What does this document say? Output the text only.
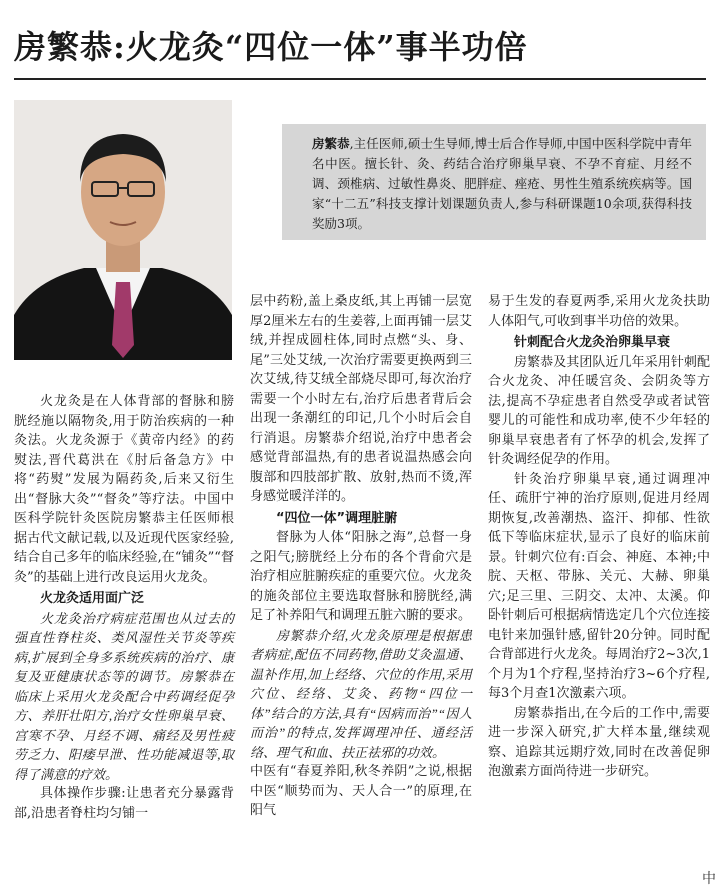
房繁恭:火龙灸“四位一体”事半功倍
房繁恭,主任医师,硕士生导师,博士后合作导师,中国中医科学院中青年名中医。擅长针、灸、药结合治疗卵巢早衰、不孕不育症、月经不调、颈椎病、过敏性鼻炎、肥胖症、痤疮、男性生殖系统疾病等。国家“十二五”科技支撑计划课题负责人,参与科研课题10余项,获得科技奖励3项。

火龙灸是在人体背部的督脉和膀胱经施以隔物灸,用于防治疾病的一种灸法。火龙灸源于《黄帝内经》的药熨法,晋代葛洪在《肘后备急方》中将“药熨”发展为隔药灸,后来又衍生出“督脉大灸”“督灸”等疗法。中国中医科学院针灸医院房繁恭主任医师根据古代文献记载,以及近现代医家经验,结合自己多年的临床经验,在“铺灸”“督灸”的基础上进行改良运用火龙灸。

火龙灸适用面广泛

火龙灸治疗病症范围也从过去的强直性脊柱炎、类风湿性关节炎等疾病,扩展到全身多系统疾病的治疗、康复及亚健康状态等的调节。房繁恭在临床上采用火龙灸配合中药调经促孕方、养肝壮阳方,治疗女性卵巢早衰、宫寒不孕、月经不调、痛经及男性疲劳乏力、阳痿早泄、性功能减退等,取得了满意的疗效。

具体操作步骤:让患者充分暴露背部,沿患者脊柱均匀铺一

层中药粉,盖上桑皮纸,其上再铺一层宽厚2厘米左右的生姜蓉,上面再铺一层艾绒,并捏成圆柱体,同时点燃“头、身、尾”三处艾绒,一次治疗需要更换两到三次艾绒,待艾绒全部烧尽即可,每次治疗需要一个小时左右,治疗后患者背后会出现一条潮红的印记,几个小时后会自行消退。房繁恭介绍说,治疗中患者会感觉背部温热,有的患者说温热感会向腹部和四肢部扩散、放射,热而不烫,浑身感觉暖洋洋的。

“四位一体”调理脏腑

督脉为人体“阳脉之海”,总督一身之阳气;膀胱经上分布的各个背俞穴是治疗相应脏腑疾症的重要穴位。火龙灸的施灸部位主要选取督脉和膀胱经,满足了补养阳气和调理五脏六腑的要求。

房繁恭介绍,火龙灸原理是根据患者病症,配伍不同药物,借助艾灸温通、温补作用,加上经络、穴位的作用,采用穴位、经络、艾灸、药物“四位一体”结合的方法,具有“因病而治”“因人而治”的特点,发挥调理冲任、通经活络、理气和血、扶正祛邪的功效。

中医有“春夏养阳,秋冬养阴”之说,根据中医“顺势而为、天人合一”的原理,在阳气

易于生发的春夏两季,采用火龙灸扶助人体阳气,可收到事半功倍的效果。

针刺配合火龙灸治卵巢早衰

房繁恭及其团队近几年采用针刺配合火龙灸、冲任暖宫灸、会阴灸等方法,提高不孕症患者自然受孕或者试管婴儿的可能性和成功率,使不少年轻的卵巢早衰患者有了怀孕的机会,发挥了针灸调经促孕的作用。

针灸治疗卵巢早衰,通过调理冲任、疏肝宁神的治疗原则,促进月经周期恢复,改善潮热、盗汗、抑郁、性欲低下等临床症状,显示了良好的临床前景。针刺穴位有:百会、神庭、本神;中脘、天枢、带脉、关元、大赫、卵巢穴;足三里、三阴交、太冲、太溪。仰卧针刺后可根据病情选定几个穴位连接电针来加强针感,留针20分钟。同时配合背部进行火龙灸。每周治疗2~3次,1个月为1个疗程,坚持治疗3~6个疗程,每3个月查1次激素六项。

房繁恭指出,在今后的工作中,需要进一步深入研究,扩大样本量,继续观察、追踪其远期疗效,同时在改善促卵泡激素方面尚待进一步研究。

中
